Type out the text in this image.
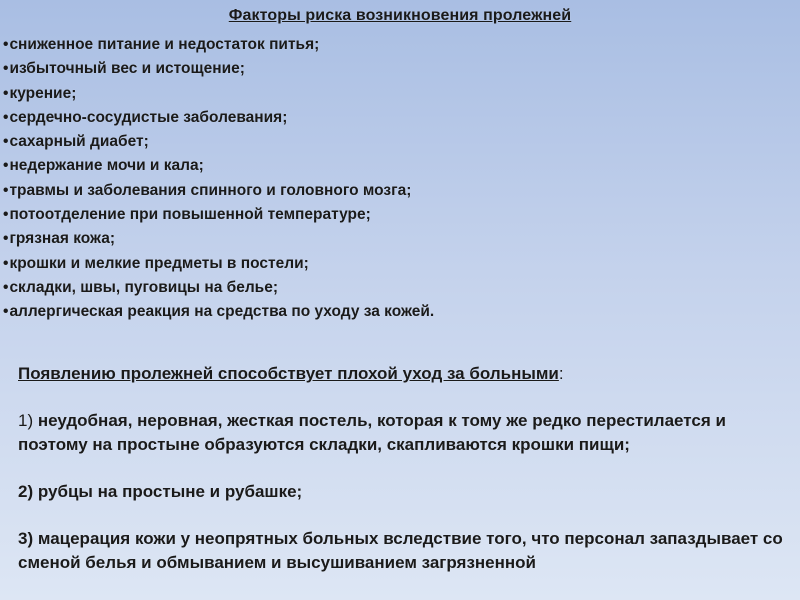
Факторы риска возникновения пролежней
• сниженное питание и недостаток питья;
• избыточный вес и истощение;
• курение;
• сердечно-сосудистые заболевания;
• сахарный диабет;
• недержание мочи и кала;
• травмы и заболевания спинного и головного мозга;
• потоотделение при повышенной температуре;
• грязная кожа;
• крошки и мелкие предметы в постели;
• складки, швы, пуговицы на белье;
• аллергическая реакция на средства по уходу за кожей.

Появлению пролежней способствует плохой уход за больными:

1) неудобная, неровная, жесткая постель, которая к тому же редко перестилается и поэтому на простыне образуются складки, скапливаются крошки пищи;

2) рубцы на простыне и рубашке;

3) мацерация кожи у неопрятных больных вследствие того, что персонал запаздывает со сменой белья и обмыванием и высушиванием загрязненной
